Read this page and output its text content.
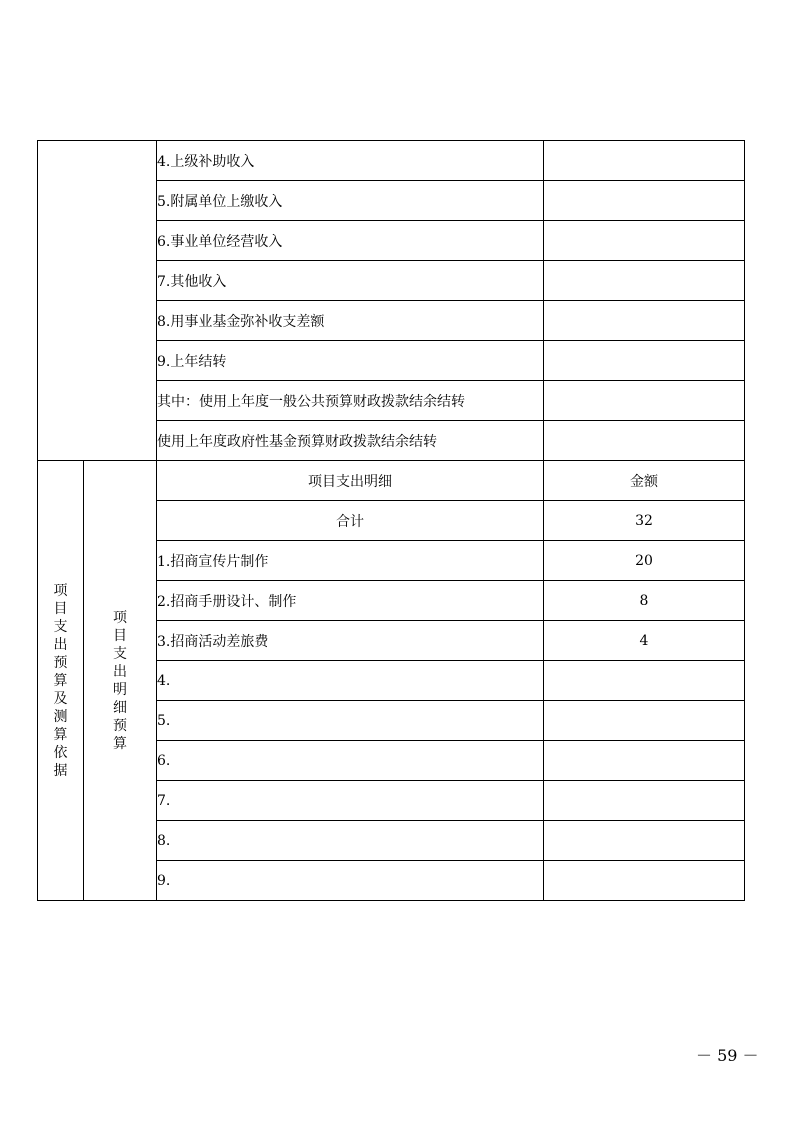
		4.上级补助收入	
		5.附属单位上缴收入	
		6.事业单位经营收入	
		7.其他收入	
		8.用事业基金弥补收支差额	
		9.上年结转	
		其中：使用上年度一般公共预算财政拨款结余结转	
		使用上年度政府性基金预算财政拨款结余结转	
项目支出预算及测算依据	项目支出明细预算	项目支出明细	金额
		合计	32
		1.招商宣传片制作	20
		2.招商手册设计、制作	8
		3.招商活动差旅费	4
		4.	
		5.	
		6.	
		7.	
		8.	
		9.	
－ 59 －
